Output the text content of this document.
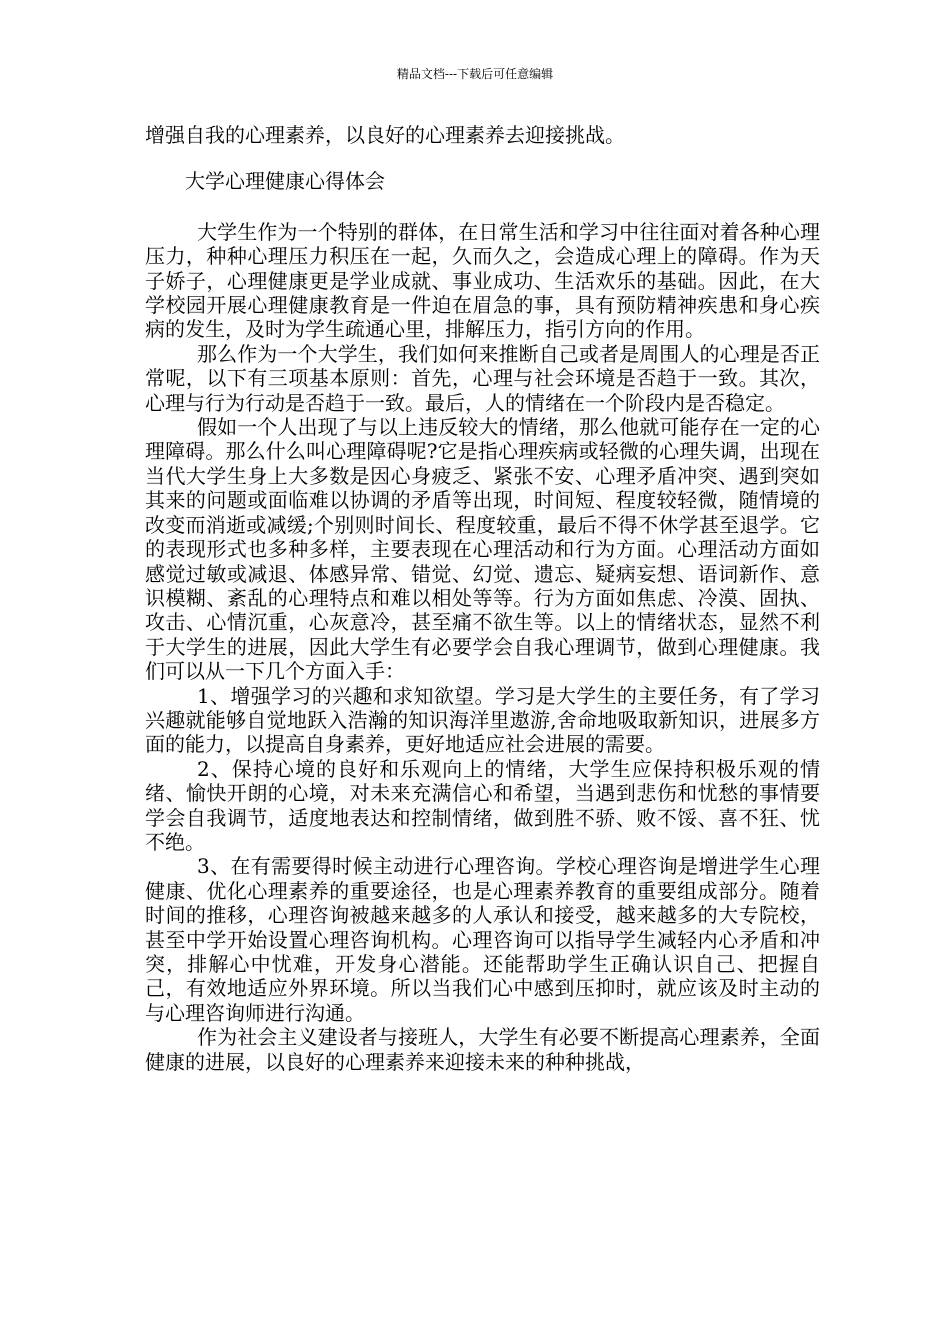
精品文档---下载后可任意编辑

增强自我的心理素养，以良好的心理素养去迎接挑战。

大学心理健康心得体会

大学生作为一个特别的群体，在日常生活和学习中往往面对着各种心理压力，种种心理压力积压在一起，久而久之，会造成心理上的障碍。作为天子娇子，心理健康更是学业成就、事业成功、生活欢乐的基础。因此，在大学校园开展心理健康教育是一件迫在眉急的事，具有预防精神疾患和身心疾病的发生，及时为学生疏通心里，排解压力，指引方向的作用。

那么作为一个大学生，我们如何来推断自己或者是周围人的心理是否正常呢，以下有三项基本原则：首先，心理与社会环境是否趋于一致。其次，心理与行为行动是否趋于一致。最后，人的情绪在一个阶段内是否稳定。

假如一个人出现了与以上违反较大的情绪，那么他就可能存在一定的心理障碍。那么什么叫心理障碍呢?它是指心理疾病或轻微的心理失调，出现在当代大学生身上大多数是因心身疲乏、紧张不安、心理矛盾冲突、遇到突如其来的问题或面临难以协调的矛盾等出现，时间短、程度较轻微，随情境的改变而消逝或减缓;个别则时间长、程度较重，最后不得不休学甚至退学。它的表现形式也多种多样，主要表现在心理活动和行为方面。心理活动方面如感觉过敏或减退、体感异常、错觉、幻觉、遗忘、疑病妄想、语词新作、意识模糊、紊乱的心理特点和难以相处等等。行为方面如焦虑、冷漠、固执、攻击、心情沉重，心灰意冷，甚至痛不欲生等。以上的情绪状态，显然不利于大学生的进展，因此大学生有必要学会自我心理调节，做到心理健康。我们可以从一下几个方面入手：

1、增强学习的兴趣和求知欲望。学习是大学生的主要任务，有了学习兴趣就能够自觉地跃入浩瀚的知识海洋里遨游,舍命地吸取新知识，进展多方面的能力，以提高自身素养，更好地适应社会进展的需要。

2、保持心境的良好和乐观向上的情绪，大学生应保持积极乐观的情绪、愉快开朗的心境，对未来充满信心和希望，当遇到悲伤和忧愁的事情要学会自我调节，适度地表达和控制情绪，做到胜不骄、败不馁、喜不狂、忧不绝。

3、在有需要得时候主动进行心理咨询。学校心理咨询是增进学生心理健康、优化心理素养的重要途径，也是心理素养教育的重要组成部分。随着时间的推移，心理咨询被越来越多的人承认和接受，越来越多的大专院校，甚至中学开始设置心理咨询机构。心理咨询可以指导学生减轻内心矛盾和冲突，排解心中忧难，开发身心潜能。还能帮助学生正确认识自己、把握自己，有效地适应外界环境。所以当我们心中感到压抑时，就应该及时主动的与心理咨询师进行沟通。

作为社会主义建设者与接班人，大学生有必要不断提高心理素养，全面健康的进展，以良好的心理素养来迎接未来的种种挑战，
